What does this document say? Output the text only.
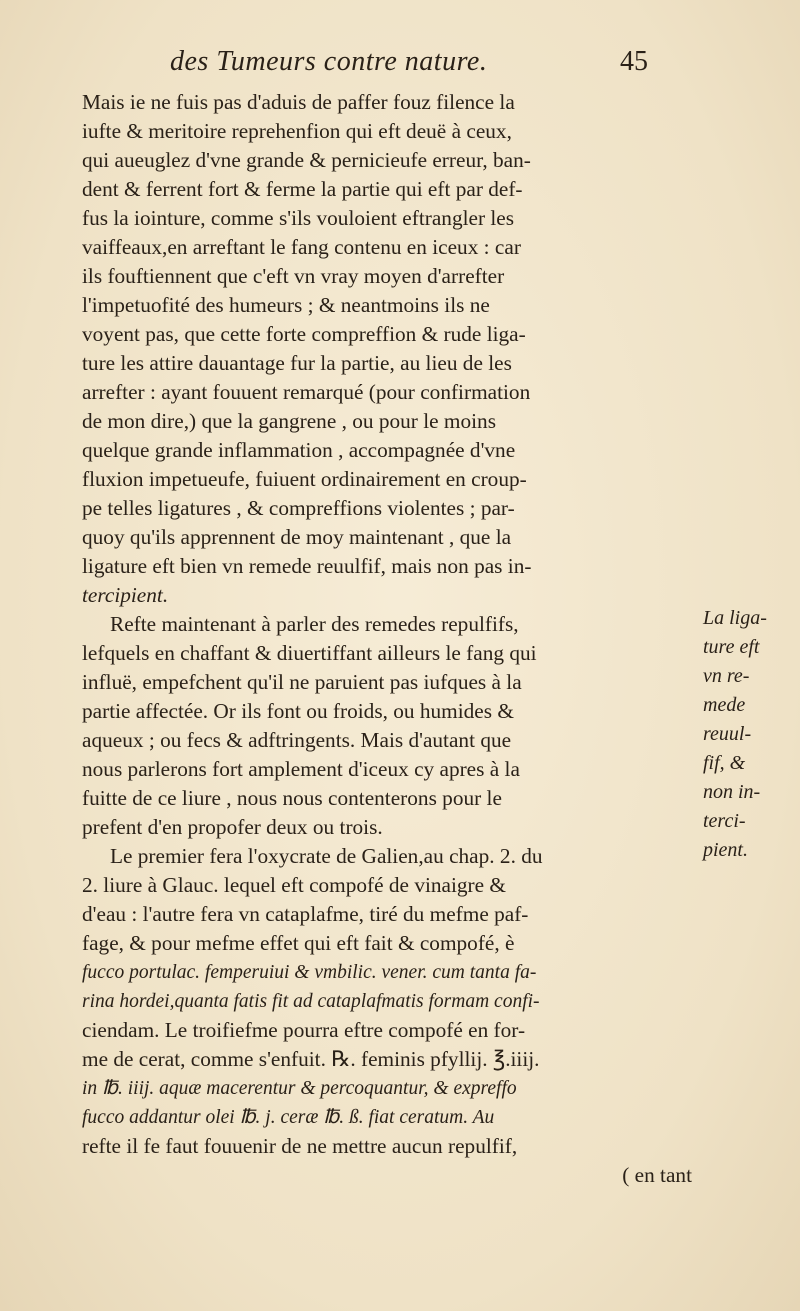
des Tumeurs contre nature.	45
Mais ie ne fuis pas d'aduis de paffer fouz filence la
iufte & meritoire reprehenfion qui eft deuë à ceux,
qui aueuglez d'vne grande & pernicieufe erreur, ban-
dent & ferrent fort & ferme la partie qui eft par def-
fus la iointure, comme s'ils vouloient eftrangler les
vaiffeaux,en arreftant le fang contenu en iceux : car
ils fouftiennent que c'eft vn vray moyen d'arrefter
l'impetuofité des humeurs ; & neantmoins ils ne
voyent pas, que cette forte compreffion & rude liga-
ture les attire dauantage fur la partie, au lieu de les
arrefter : ayant fouuent remarqué (pour confirmation
de mon dire,) que la gangrene , ou pour le moins
quelque grande inflammation , accompagnée d'vne
fluxion impetueufe, fuiuent ordinairement en croup-
pe telles ligatures , & compreffions violentes ; par-
quoy qu'ils apprennent de moy maintenant , que la
ligature eft bien vn remede reuulfif, mais non pas in-
tercipient.
Refte maintenant à parler des remedes repulfifs,
lefquels en chaffant & diuertiffant ailleurs le fang qui
influë, empefchent qu'il ne paruient pas iufques à la
partie affectée. Or ils font ou froids, ou humides &
aqueux ; ou fecs & adftringents. Mais d'autant que
nous parlerons fort amplement d'iceux cy apres à la
fuitte de ce liure , nous nous contenterons pour le
prefent d'en propofer deux ou trois.
Le premier fera l'oxycrate de Galien,au chap. 2. du
2. liure à Glauc. lequel eft compofé de vinaigre &
d'eau : l'autre fera vn cataplafme, tiré du mefme paf-
fage, & pour mefme effet qui eft fait & compofé, è
fucco portulac. femperuiui & vmbilic. vener. cum tanta fa-
rina hordei,quanta fatis fit ad cataplafmatis formam confi-
ciendam. Le troifiefme pourra eftre compofé en for-
me de cerat, comme s'enfuit. ℞. feminis pfyllij. ℥.iiij.
in ℔. iiij. aquæ macerentur & percoquantur, & expreffo
fucco addantur olei ℔. j. ceræ ℔. ß. fiat ceratum. Au
refte il fe faut fouuenir de ne mettre aucun repulfif,
( en tant
La liga-
ture eft
vn re-
mede
reuul-
fif, &
non in-
terci-
pient.
